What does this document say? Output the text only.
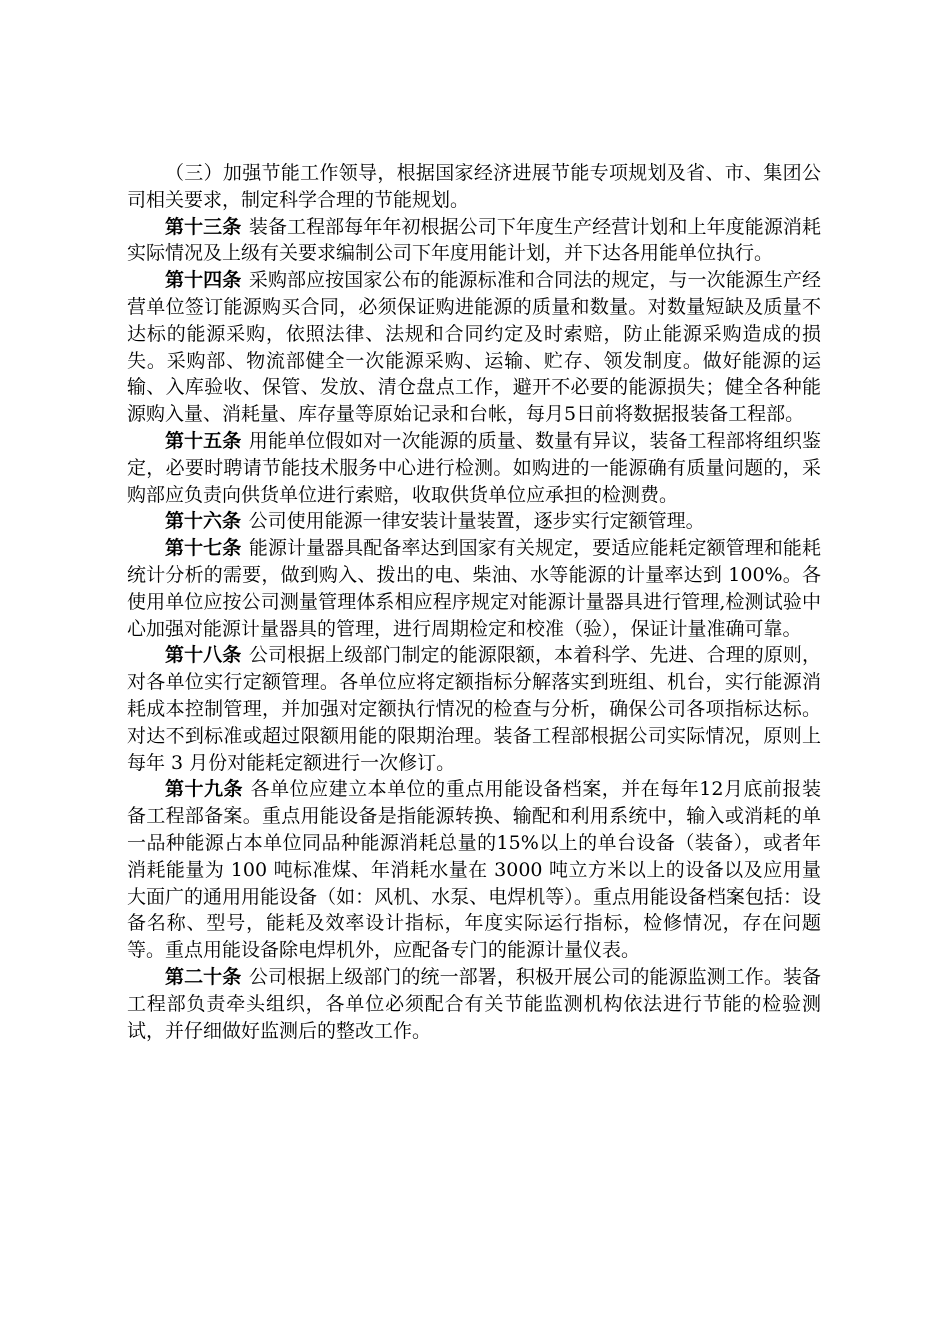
（三）加强节能工作领导，根据国家经济进展节能专项规划及省、市、集团公司相关要求，制定科学合理的节能规划。

第十三条 装备工程部每年年初根据公司下年度生产经营计划和上年度能源消耗实际情况及上级有关要求编制公司下年度用能计划，并下达各用能单位执行。

第十四条 采购部应按国家公布的能源标准和合同法的规定，与一次能源生产经营单位签订能源购买合同，必须保证购进能源的质量和数量。对数量短缺及质量不达标的能源采购，依照法律、法规和合同约定及时索赔，防止能源采购造成的损失。采购部、物流部健全一次能源采购、运输、贮存、领发制度。做好能源的运输、入库验收、保管、发放、清仓盘点工作，避开不必要的能源损失；健全各种能源购入量、消耗量、库存量等原始记录和台帐，每月5日前将数据报装备工程部。

第十五条 用能单位假如对一次能源的质量、数量有异议，装备工程部将组织鉴定，必要时聘请节能技术服务中心进行检测。如购进的一能源确有质量问题的，采购部应负责向供货单位进行索赔，收取供货单位应承担的检测费。

第十六条 公司使用能源一律安装计量装置，逐步实行定额管理。

第十七条 能源计量器具配备率达到国家有关规定，要适应能耗定额管理和能耗统计分析的需要，做到购入、拨出的电、柴油、水等能源的计量率达到 100%。各使用单位应按公司测量管理体系相应程序规定对能源计量器具进行管理,检测试验中心加强对能源计量器具的管理，进行周期检定和校准（验），保证计量准确可靠。

第十八条 公司根据上级部门制定的能源限额，本着科学、先进、合理的原则，对各单位实行定额管理。各单位应将定额指标分解落实到班组、机台，实行能源消耗成本控制管理，并加强对定额执行情况的检查与分析，确保公司各项指标达标。对达不到标准或超过限额用能的限期治理。装备工程部根据公司实际情况，原则上每年 3 月份对能耗定额进行一次修订。

第十九条 各单位应建立本单位的重点用能设备档案，并在每年12月底前报装备工程部备案。重点用能设备是指能源转换、输配和利用系统中，输入或消耗的单一品种能源占本单位同品种能源消耗总量的15%以上的单台设备（装备），或者年消耗能量为 100 吨标准煤、年消耗水量在 3000 吨立方米以上的设备以及应用量大面广的通用用能设备（如：风机、水泵、电焊机等）。重点用能设备档案包括：设备名称、型号，能耗及效率设计指标，年度实际运行指标，检修情况，存在问题等。重点用能设备除电焊机外，应配备专门的能源计量仪表。

第二十条 公司根据上级部门的统一部署，积极开展公司的能源监测工作。装备工程部负责牵头组织，各单位必须配合有关节能监测机构依法进行节能的检验测试，并仔细做好监测后的整改工作。
